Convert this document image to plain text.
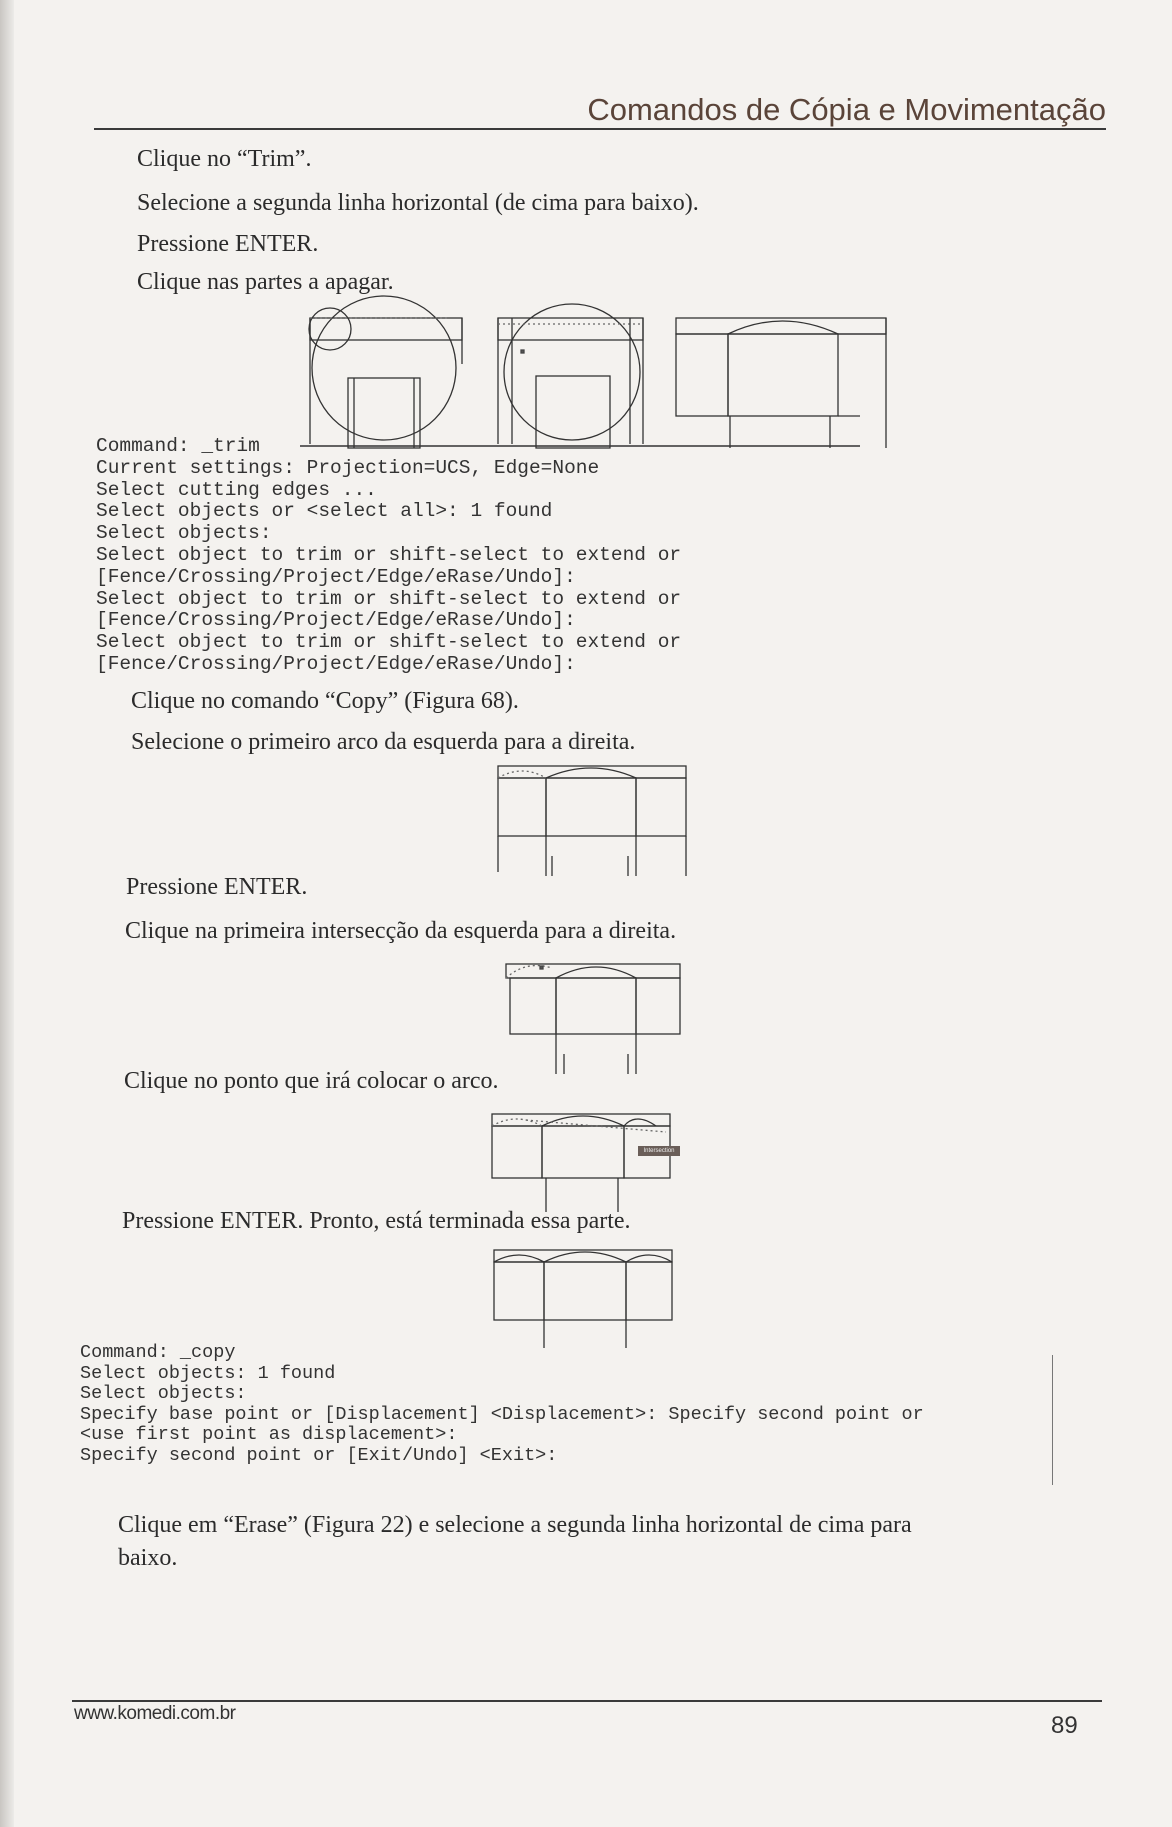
Comandos de Cópia e Movimentação
Clique no “Trim”.
Selecione a segunda linha horizontal (de cima para baixo).
Pressione ENTER.
Clique nas partes a apagar.
Command: _trim
Current settings: Projection=UCS, Edge=None
Select cutting edges ...
Select objects or <select all>: 1 found
Select objects:
Select object to trim or shift-select to extend or
[Fence/Crossing/Project/Edge/eRase/Undo]:
Select object to trim or shift-select to extend or
[Fence/Crossing/Project/Edge/eRase/Undo]:
Select object to trim or shift-select to extend or
[Fence/Crossing/Project/Edge/eRase/Undo]:
Clique no comando “Copy” (Figura 68).
Selecione o primeiro arco da esquerda para a direita.
Pressione ENTER.
Clique na primeira intersecção da esquerda para a direita.
Clique no ponto que irá colocar o arco.
Intersection
Pressione ENTER. Pronto, está terminada essa parte.
Command: _copy
Select objects: 1 found
Select objects:
Specify base point or [Displacement] <Displacement>: Specify second point or
<use first point as displacement>:
Specify second point or [Exit/Undo] <Exit>:
Clique em “Erase” (Figura 22) e selecione a segunda linha horizontal de cima para
baixo.
www.komedi.com.br	89
